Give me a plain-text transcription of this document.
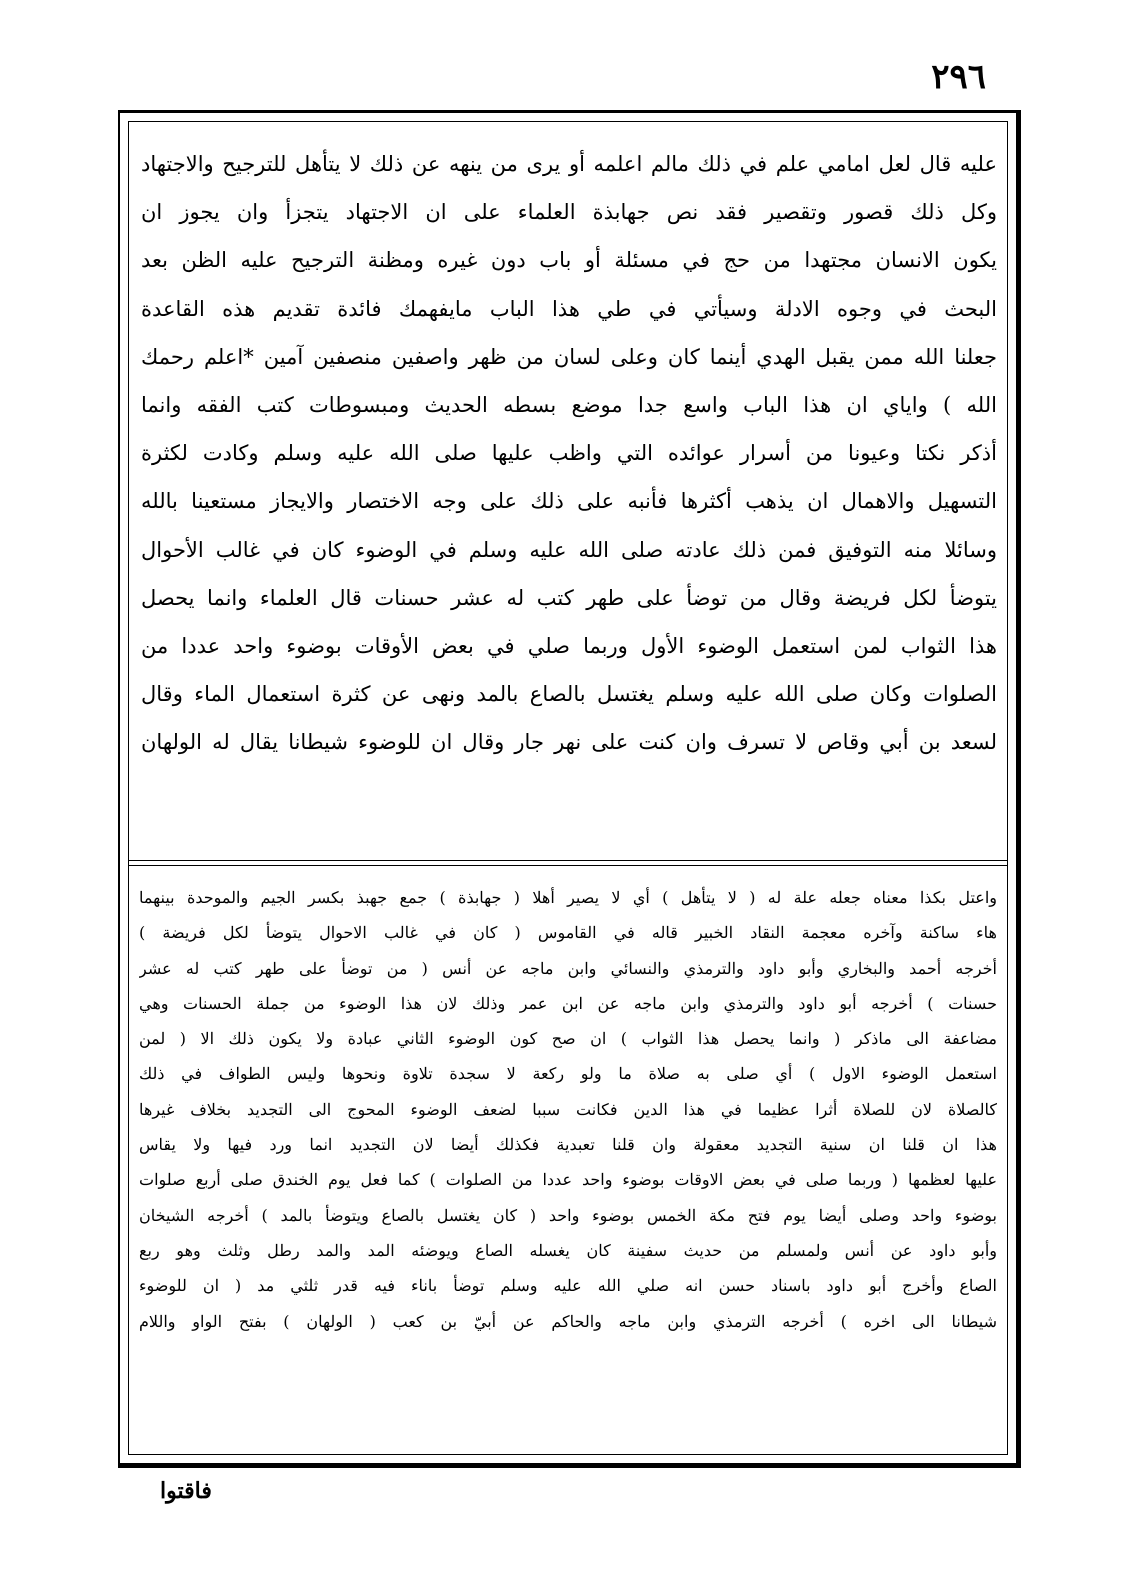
٢٩٦
عليه قال لعل امامي علم في ذلك مالم اعلمه أو يرى من ينهه عن ذلك لا يتأهل للترجيح والاجتهاد
وكل ذلك قصور وتقصير فقد نص جهابذة العلماء على ان الاجتهاد يتجزأ وان يجوز ان
يكون الانسان مجتهدا من حج في مسئلة أو باب دون غيره ومظنة الترجيح عليه الظن بعد
البحث في وجوه الادلة وسيأتي في طي هذا الباب مايفهمك فائدة تقديم هذه القاعدة
جعلنا الله ممن يقبل الهدي أينما كان وعلى لسان من ظهر واصفين منصفين آمين *اعلم رحمك
الله ) واياي ان هذا الباب واسع جدا موضع بسطه الحديث ومبسوطات كتب الفقه وانما
أذكر نكتا وعيونا من أسرار عوائده التي واظب عليها صلى الله عليه وسلم وكادت لكثرة
التسهيل والاهمال ان يذهب أكثرها فأنبه على ذلك على وجه الاختصار والايجاز مستعينا بالله
وسائلا منه التوفيق فمن ذلك عادته صلى الله عليه وسلم في الوضوء كان في غالب الأحوال
يتوضأ لكل فريضة وقال من توضأ على طهر كتب له عشر حسنات قال العلماء وانما يحصل
هذا الثواب لمن استعمل الوضوء الأول وربما صلي في بعض الأوقات بوضوء واحد عددا من
الصلوات وكان صلى الله عليه وسلم يغتسل بالصاع بالمد ونهى عن كثرة استعمال الماء وقال
لسعد بن أبي وقاص لا تسرف وان كنت على نهر جار وقال ان للوضوء شيطانا يقال له الولهان
واعتل بكذا معناه جعله علة له ( لا يتأهل ) أي لا يصير أهلا ( جهابذة ) جمع جهبذ بكسر الجيم والموحدة بينهما
هاء ساكنة وآخره معجمة النقاد الخبير قاله في القاموس ( كان في غالب الاحوال يتوضأ لكل فريضة )
أخرجه أحمد والبخاري وأبو داود والترمذي والنسائي وابن ماجه عن أنس ( من توضأ على طهر كتب له عشر
حسنات ) أخرجه أبو داود والترمذي وابن ماجه عن ابن عمر وذلك لان هذا الوضوء من جملة الحسنات وهي
مضاعفة الى ماذكر ( وانما يحصل هذا الثواب ) ان صح كون الوضوء الثاني عبادة ولا يكون ذلك الا ( لمن
استعمل الوضوء الاول ) أي صلى به صلاة ما ولو ركعة لا سجدة تلاوة ونحوها وليس الطواف في ذلك
كالصلاة لان للصلاة أثرا عظيما في هذا الدين فكانت سببا لضعف الوضوء المحوج الى التجديد بخلاف غيرها
هذا ان قلنا ان سنية التجديد معقولة وان قلنا تعبدية فكذلك أيضا لان التجديد انما ورد فيها ولا يقاس
عليها لعظمها ( وربما صلى في بعض الاوقات بوضوء واحد عددا من الصلوات ) كما فعل يوم الخندق صلى أربع صلوات
بوضوء واحد وصلى أيضا يوم فتح مكة الخمس بوضوء واحد ( كان يغتسل بالصاع ويتوضأ بالمد ) أخرجه الشيخان
وأبو داود عن أنس ولمسلم من حديث سفينة كان يغسله الصاع ويوضئه المد والمد رطل وثلث وهو ربع
الصاع وأخرج أبو داود باسناد حسن انه صلي الله عليه وسلم توضأ باناء فيه قدر ثلثي مد ( ان للوضوء
شيطانا الى اخره ) أخرجه الترمذي وابن ماجه والحاكم عن أبيّ بن كعب ( الولهان ) بفتح الواو واللام
فاقتوا
